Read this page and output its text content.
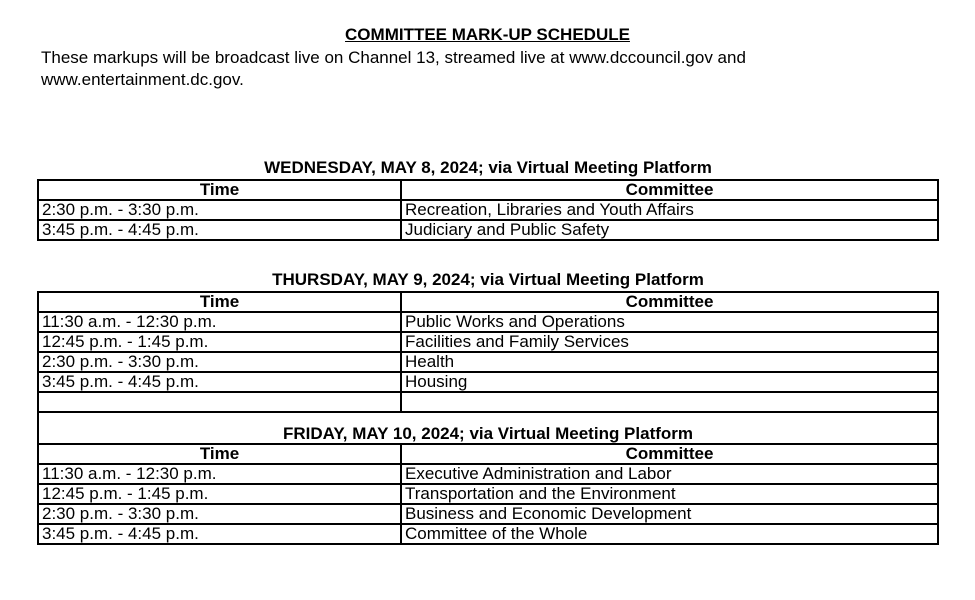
COMMITTEE MARK-UP SCHEDULE
These markups will be broadcast live on Channel 13, streamed live at www.dccouncil.gov and www.entertainment.dc.gov.
WEDNESDAY, MAY 8, 2024; via Virtual Meeting Platform
Time	Committee
2:30 p.m. - 3:30 p.m.	Recreation, Libraries and Youth Affairs
3:45 p.m. - 4:45 p.m.	Judiciary and Public Safety
THURSDAY, MAY 9, 2024; via Virtual Meeting Platform
Time	Committee
11:30 a.m. - 12:30 p.m.	Public Works and Operations
12:45 p.m. - 1:45 p.m.	Facilities and Family Services
2:30 p.m. - 3:30 p.m.	Health
3:45 p.m. - 4:45 p.m.	Housing

FRIDAY, MAY 10, 2024; via Virtual Meeting Platform	
Time	Committee
11:30 a.m. - 12:30 p.m.	Executive Administration and Labor
12:45 p.m. - 1:45 p.m.	Transportation and the Environment
2:30 p.m. - 3:30 p.m.	Business and Economic Development
3:45 p.m. - 4:45 p.m.	Committee of the Whole
